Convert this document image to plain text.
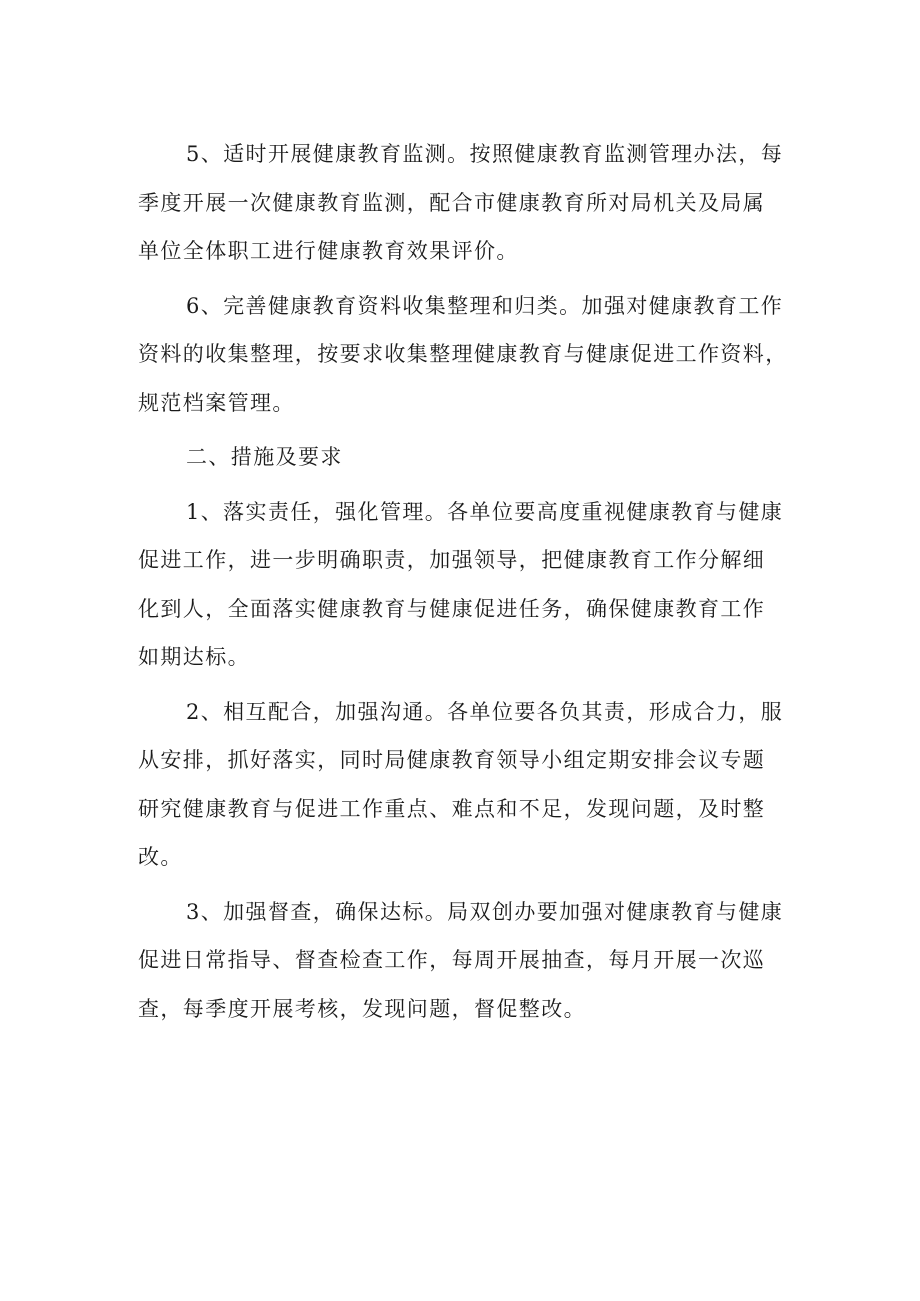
5、适时开展健康教育监测。按照健康教育监测管理办法，每
季度开展一次健康教育监测，配合市健康教育所对局机关及局属
单位全体职工进行健康教育效果评价。
6、完善健康教育资料收集整理和归类。加强对健康教育工作
资料的收集整理，按要求收集整理健康教育与健康促进工作资料，
规范档案管理。
二、措施及要求
1、落实责任，强化管理。各单位要高度重视健康教育与健康
促进工作，进一步明确职责，加强领导，把健康教育工作分解细
化到人，全面落实健康教育与健康促进任务，确保健康教育工作
如期达标。
2、相互配合，加强沟通。各单位要各负其责，形成合力，服
从安排，抓好落实，同时局健康教育领导小组定期安排会议专题
研究健康教育与促进工作重点、难点和不足，发现问题，及时整
改。
3、加强督查，确保达标。局双创办要加强对健康教育与健康
促进日常指导、督查检查工作，每周开展抽查，每月开展一次巡
查，每季度开展考核，发现问题，督促整改。
